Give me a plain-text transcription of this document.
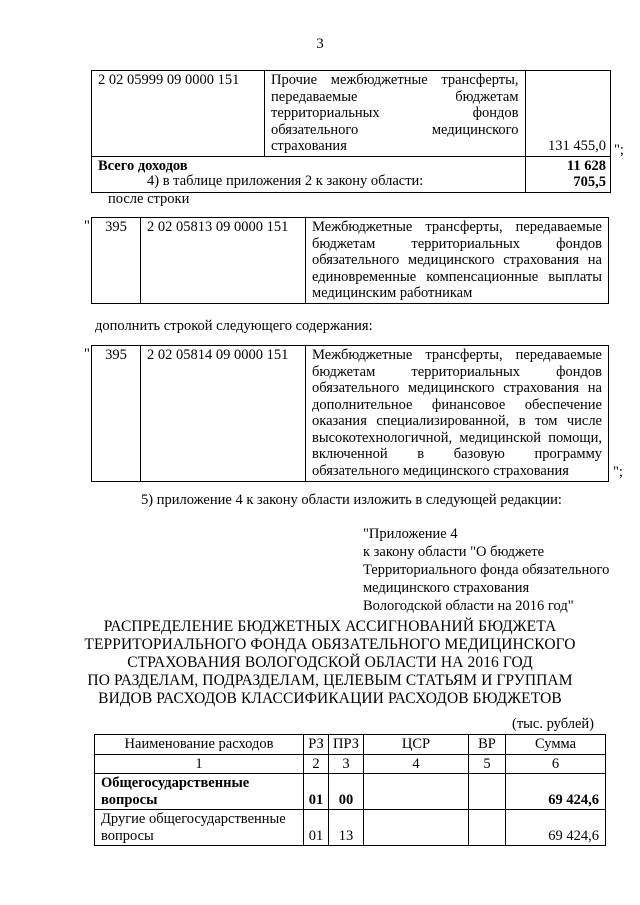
3
2 02 05999 09 0000 151	Прочие межбюджетные трансферты, передаваемые бюджетам территориальных фондов обязательного медицинского страхования	131 455,0
Всего доходов		11 628 705,5
";
4) в таблице приложения 2 к закону области:
после строки
" 395	2 02 05813 09 0000 151	Межбюджетные трансферты, передаваемые бюджетам территориальных фондов обязательного медицинского страхования на единовременные компенсационные выплаты медицинским работникам
дополнить строкой следующего содержания:
" 395	2 02 05814 09 0000 151	Межбюджетные трансферты, передаваемые бюджетам территориальных фондов обязательного медицинского страхования на дополнительное финансовое обеспечение оказания специализированной, в том числе высокотехнологичной, медицинской помощи, включенной в базовую программу обязательного медицинского страхования	";
5) приложение 4 к закону области изложить в следующей редакции:
"Приложение 4
к закону области "О бюджете
Территориального фонда обязательного
медицинского страхования
Вологодской области на 2016 год"
РАСПРЕДЕЛЕНИЕ БЮДЖЕТНЫХ АССИГНОВАНИЙ БЮДЖЕТА
ТЕРРИТОРИАЛЬНОГО ФОНДА ОБЯЗАТЕЛЬНОГО МЕДИЦИНСКОГО
СТРАХОВАНИЯ ВОЛОГОДСКОЙ ОБЛАСТИ НА 2016 ГОД
ПО РАЗДЕЛАМ, ПОДРАЗДЕЛАМ, ЦЕЛЕВЫМ СТАТЬЯМ И ГРУППАМ
ВИДОВ РАСХОДОВ КЛАССИФИКАЦИИ РАСХОДОВ БЮДЖЕТОВ
(тыс. рублей)
Наименование расходов	РЗ	ПРЗ	ЦСР	ВР	Сумма
1	2	3	4	5	6
Общегосударственные вопросы	01	00			69 424,6
Другие общегосударственные вопросы	01	13			69 424,6
